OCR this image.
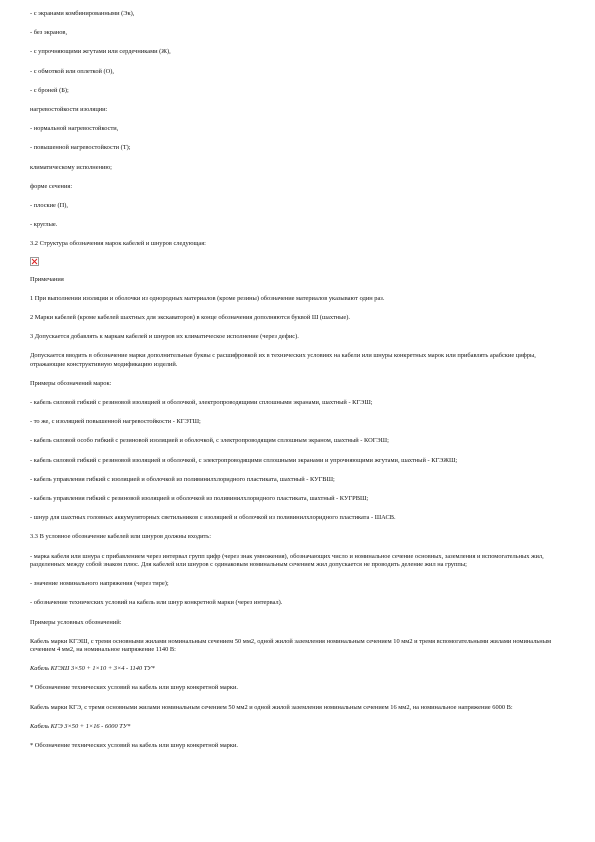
- с экранами комбинированными (Эк),

- без экранов,

- с упрочняющими жгутами или сердечниками (Ж),

- с обмоткой или оплеткой (О),

- с броней (Б);

нагревостойкости изоляции:

- нормальной нагревостойкости,

- повышенной нагревостойкости (Т);

климатическому исполнению;

форме сечения:

- плоские (П),

- круглые.

3.2 Структура обозначения марок кабелей и шнуров следующая:

Примечания

1 При выполнении изоляции и оболочки из однородных материалов (кроме резины) обозначение материалов указывают один раз.

2 Марки кабелей (кроме кабелей шахтных для экскаваторов) в конце обозначения дополняются буквой Ш (шахтные).

3 Допускается добавлять к маркам кабелей и шнуров их климатическое исполнение (через дефис).

Допускается вводить в обозначение марки дополнительные буквы с расшифровкой их в технических условиях на кабели или шнуры конкретных марок или прибавлять арабские цифры, отражающие конструктивную модификацию изделий.

Примеры обозначений марок:

- кабель силовой гибкий с резиновой изоляцией и оболочкой, электропроводящими сплошными экранами, шахтный - КГЭШ;

- то же, с изоляцией повышенной нагревостойкости - КГЭТШ;

- кабель силовой особо гибкий с резиновой изоляцией и оболочкой, с электропроводящим сплошным экраном, шахтный - КОГЭШ;

- кабель силовой гибкий с резиновой изоляцией и оболочкой, с электропроводящими сплошными экранами и упрочняющими жгутами, шахтный - КГЭЖШ;

- кабель управления гибкий с изоляцией и оболочкой из поливинилхлоридного пластиката, шахтный - КУГВШ;

- кабель управления гибкий с резиновой изоляцией и оболочкой из поливинилхлоридного пластиката, шахтный - КУГРВШ;

- шнур для шахтных головных аккумуляторных светильников с изоляцией и оболочкой из поливинилхлоридного пластиката - ШАСВ.

3.3 В условное обозначение кабелей или шнуров должны входить:

- марка кабеля или шнура с прибавлением через интервал групп цифр (через знак умножения), обозначающих число и номинальное сечение основных, заземления и вспомогательных жил, разделенных между собой знаком плюс. Для кабелей или шнуров с одинаковым номинальным сечением жил допускается не проводить деление жил на группы;

- значение номинального напряжения (через тире);

- обозначение технических условий на кабель или шнур конкретной марки (через интервал).

Примеры условных обозначений:

Кабель марки КГЭШ, с тремя основными жилами номинальным сечением 50 мм2, одной жилой заземления номинальным сечением 10 мм2 и тремя вспомогательными жилами номинальным сечением 4 мм2, на номинальное напряжение 1140 В:

Кабель КГЭШ 3×50 + 1×10 + 3×4 - 1140 ТУ*

* Обозначение технических условий на кабель или шнур конкретной марки.

Кабель марки КГЭ, с тремя основными жилами номинальным сечением 50 мм2 и одной жилой заземления номинальным сечением 16 мм2, на номинальное напряжение 6000 В:

Кабель КГЭ 3×50 + 1×16 - 6000 ТУ*

* Обозначение технических условий на кабель или шнур конкретной марки.
